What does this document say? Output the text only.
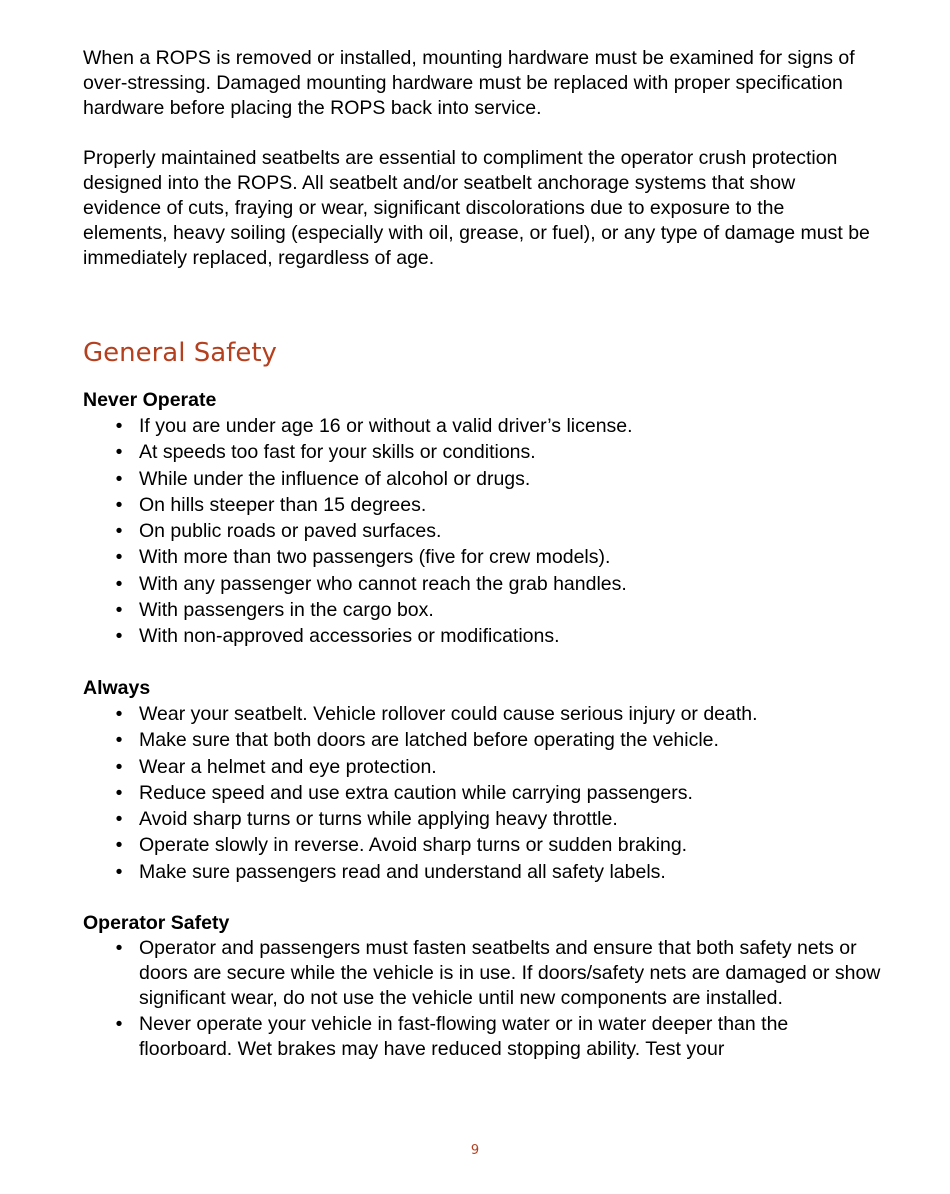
When a ROPS is removed or installed, mounting hardware must be examined for signs of over-stressing. Damaged mounting hardware must be replaced with proper specification hardware before placing the ROPS back into service.

Properly maintained seatbelts are essential to compliment the operator crush protection designed into the ROPS. All seatbelt and/or seatbelt anchorage systems that show evidence of cuts, fraying or wear, significant discolorations due to exposure to the elements, heavy soiling (especially with oil, grease, or fuel), or any type of damage must be immediately replaced, regardless of age.

General Safety

Never Operate

• If you are under age 16 or without a valid driver’s license.
• At speeds too fast for your skills or conditions.
• While under the influence of alcohol or drugs.
• On hills steeper than 15 degrees.
• On public roads or paved surfaces.
• With more than two passengers (five for crew models).
• With any passenger who cannot reach the grab handles.
• With passengers in the cargo box.
• With non-approved accessories or modifications.

Always

• Wear your seatbelt. Vehicle rollover could cause serious injury or death.
• Make sure that both doors are latched before operating the vehicle.
• Wear a helmet and eye protection.
• Reduce speed and use extra caution while carrying passengers.
• Avoid sharp turns or turns while applying heavy throttle.
• Operate slowly in reverse. Avoid sharp turns or sudden braking.
• Make sure passengers read and understand all safety labels.

Operator Safety

• Operator and passengers must fasten seatbelts and ensure that both safety nets or doors are secure while the vehicle is in use. If doors/safety nets are damaged or show significant wear, do not use the vehicle until new components are installed.
• Never operate your vehicle in fast-flowing water or in water deeper than the floorboard. Wet brakes may have reduced stopping ability. Test your
9
